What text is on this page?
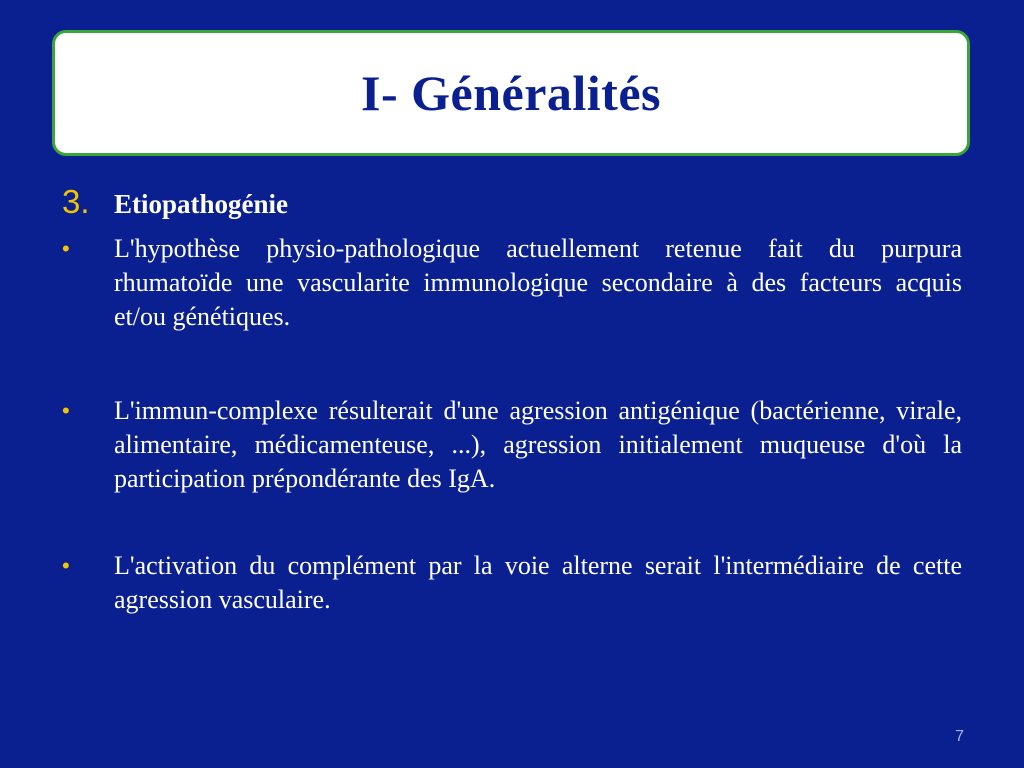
I- Généralités
3. Etiopathogénie
•	L'hypothèse physio-pathologique actuellement retenue fait du purpura rhumatoïde une vascularite immunologique secondaire à des facteurs acquis et/ou génétiques.
•	L'immun-complexe résulterait d'une agression antigénique (bactérienne, virale, alimentaire, médicamenteuse, ...), agression initialement muqueuse d'où la participation prépondérante des IgA.
•	L'activation du complément par la voie alterne serait l'intermédiaire de cette agression vasculaire.
7
